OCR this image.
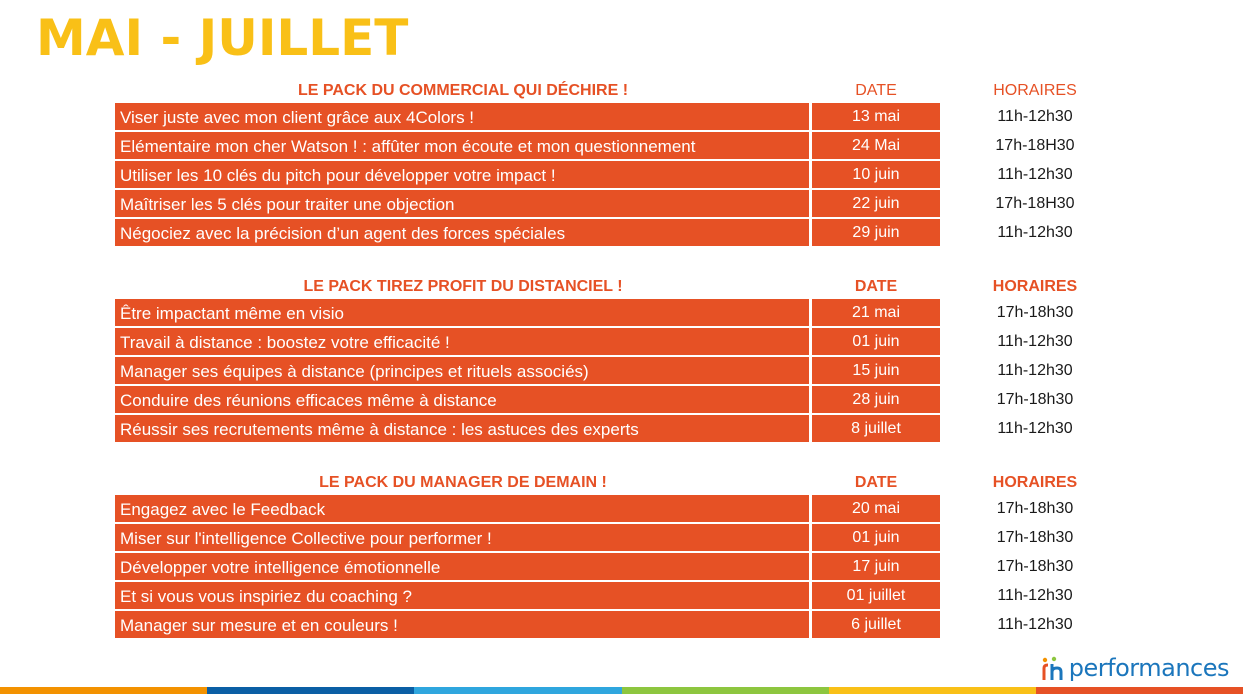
MAI - JUILLET
LE PACK DU COMMERCIAL QUI DÉCHIRE !	DATE	HORAIRES
Viser juste avec mon client grâce aux 4Colors !	13 mai	11h-12h30
Elémentaire mon cher Watson ! : affûter mon écoute et mon questionnement	24 Mai	17h-18H30
Utiliser les 10 clés du pitch pour développer votre impact !	10 juin	11h-12h30
Maîtriser les 5 clés pour traiter une objection	22 juin	17h-18H30
Négociez avec la précision d’un agent des forces spéciales	29 juin	11h-12h30
LE PACK TIREZ PROFIT DU DISTANCIEL !	DATE	HORAIRES
Être impactant même en visio	21 mai	17h-18h30
Travail à distance : boostez votre efficacité !	01 juin	11h-12h30
Manager ses équipes à distance (principes et rituels associés)	15 juin	11h-12h30
Conduire des réunions efficaces même à distance	28 juin	17h-18h30
Réussir ses recrutements même à distance : les astuces des experts	8 juillet	11h-12h30
LE PACK DU MANAGER DE DEMAIN !	DATE	HORAIRES
Engagez avec le Feedback	20 mai	17h-18h30
Miser sur l'intelligence Collective pour performer !	01 juin	17h-18h30
Développer votre intelligence émotionnelle	17 juin	17h-18h30
Et si vous vous inspiriez du coaching ?	01 juillet	11h-12h30
Manager sur mesure et en couleurs !	6 juillet	11h-12h30
performances
